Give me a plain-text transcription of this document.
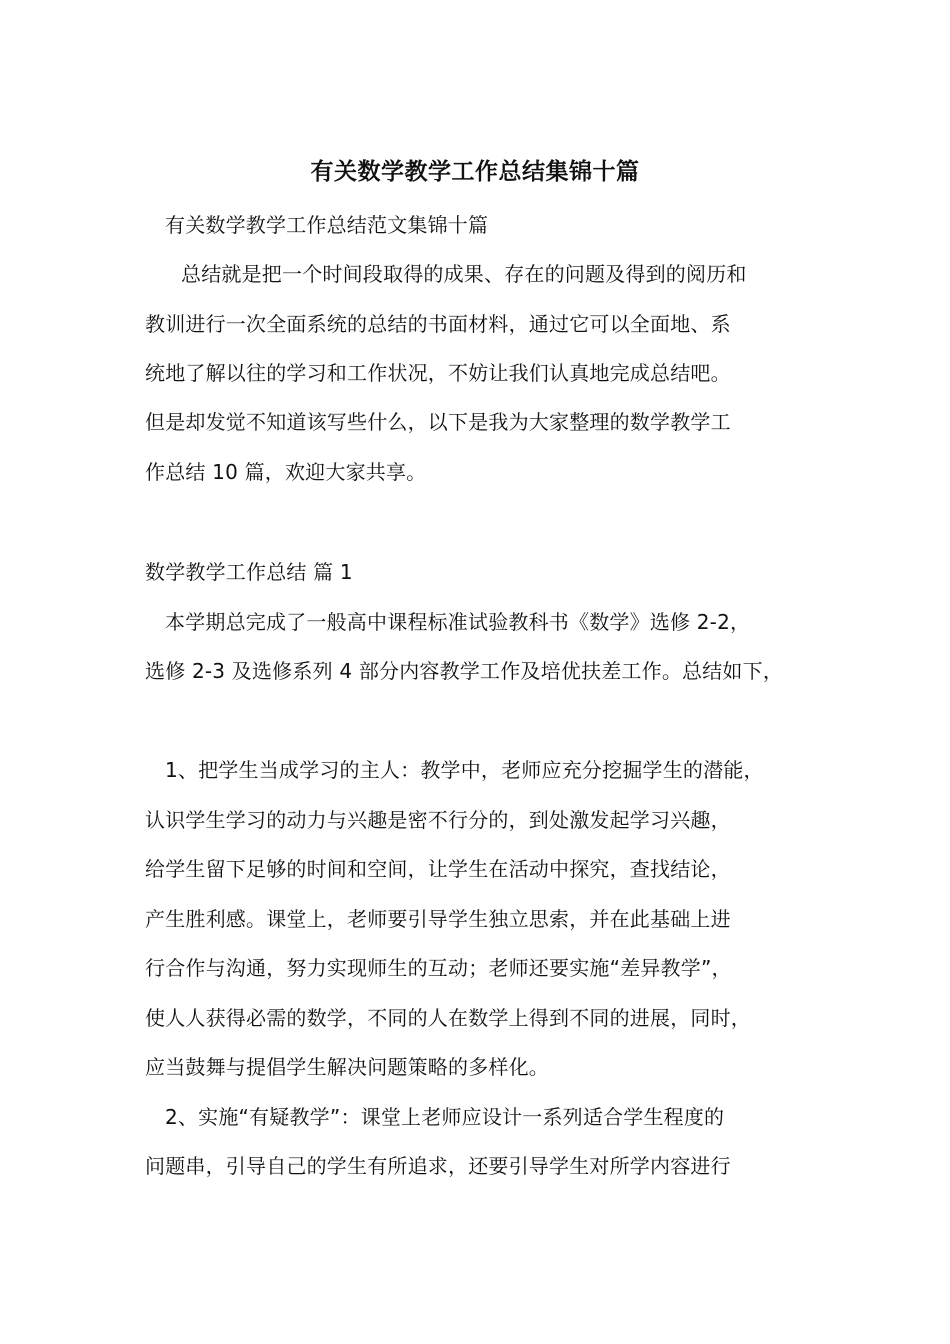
有关数学教学工作总结集锦十篇
有关数学教学工作总结范文集锦十篇
总结就是把一个时间段取得的成果、存在的问题及得到的阅历和
教训进行一次全面系统的总结的书面材料，通过它可以全面地、系
统地了解以往的学习和工作状况，不妨让我们认真地完成总结吧。
但是却发觉不知道该写些什么，以下是我为大家整理的数学教学工
作总结 10 篇，欢迎大家共享。
数学教学工作总结 篇 1
本学期总完成了一般高中课程标准试验教科书《数学》选修 2-2，
选修 2-3 及选修系列 4 部分内容教学工作及培优扶差工作。总结如下，
1、把学生当成学习的主人：教学中，老师应充分挖掘学生的潜能，
认识学生学习的动力与兴趣是密不行分的，到处激发起学习兴趣，
给学生留下足够的时间和空间，让学生在活动中探究，查找结论，
产生胜利感。课堂上，老师要引导学生独立思索，并在此基础上进
行合作与沟通，努力实现师生的互动；老师还要实施“差异教学”，
使人人获得必需的数学，不同的人在数学上得到不同的进展，同时，
应当鼓舞与提倡学生解决问题策略的多样化。
2、实施“有疑教学”：课堂上老师应设计一系列适合学生程度的
问题串，引导自己的学生有所追求，还要引导学生对所学内容进行
